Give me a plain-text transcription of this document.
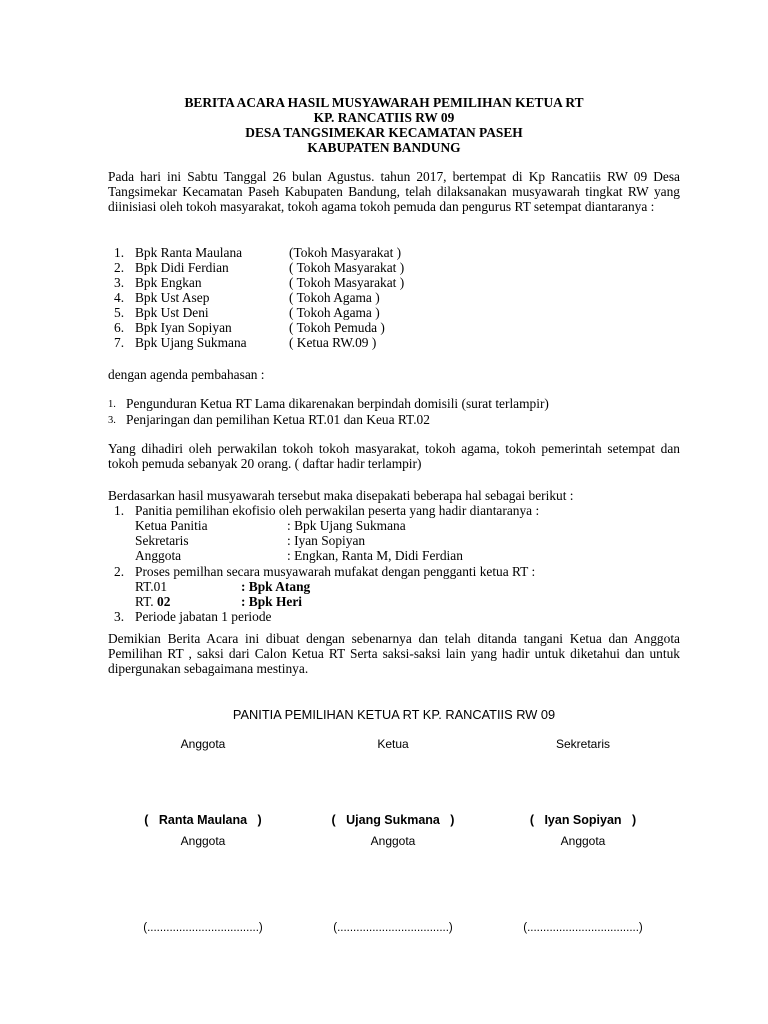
BERITA ACARA HASIL MUSYAWARAH PEMILIHAN KETUA RT
KP. RANCATIIS RW 09
DESA TANGSIMEKAR KECAMATAN PASEH
KABUPATEN BANDUNG
Pada hari ini Sabtu Tanggal 26 bulan Agustus. tahun 2017, bertempat di Kp Rancatiis RW 09 Desa Tangsimekar Kecamatan Paseh Kabupaten Bandung, telah dilaksanakan musyawarah tingkat RW yang diinisiasi oleh tokoh masyarakat, tokoh agama tokoh pemuda dan pengurus RT setempat diantaranya :
1. Bpk Ranta Maulana	(Tokoh Masyarakat )
2. Bpk Didi Ferdian	( Tokoh Masyarakat )
3. Bpk Engkan	( Tokoh Masyarakat )
4. Bpk Ust Asep	( Tokoh Agama )
5. Bpk Ust Deni	( Tokoh Agama )
6. Bpk Iyan Sopiyan	( Tokoh Pemuda )
7. Bpk Ujang Sukmana	( Ketua RW.09 )
dengan agenda pembahasan :
1. Pengunduran Ketua RT Lama dikarenakan berpindah domisili (surat terlampir)
3. Penjaringan dan pemilihan Ketua RT.01 dan Keua RT.02
Yang dihadiri oleh perwakilan tokoh tokoh masyarakat, tokoh agama, tokoh pemerintah setempat dan tokoh pemuda sebanyak 20 orang. ( daftar hadir terlampir)
Berdasarkan hasil musyawarah tersebut maka disepakati beberapa hal sebagai berikut :
1. Panitia pemilihan ekofisio oleh perwakilan peserta yang hadir diantaranya :
Ketua Panitia	: Bpk Ujang Sukmana
Sekretaris	: Iyan Sopiyan
Anggota	: Engkan, Ranta M, Didi Ferdian
2. Proses pemilhan secara musyawarah mufakat dengan pengganti ketua RT :
RT.01	: Bpk Atang
RT. 02	: Bpk Heri
3. Periode jabatan 1 periode
Demikian Berita Acara ini dibuat dengan sebenarnya dan telah ditanda tangani Ketua dan Anggota Pemilihan RT , saksi dari Calon Ketua RT Serta saksi-saksi lain yang hadir untuk diketahui dan untuk dipergunakan sebagaimana mestinya.
PANITIA PEMILIHAN KETUA RT KP. RANCATIIS RW 09
Anggota	Ketua	Sekretaris
(   Ranta Maulana   )	(   Ujang Sukmana   )	(   Iyan Sopiyan   )
Anggota	Anggota	Anggota
(...................................)	(...................................)	(...................................)
